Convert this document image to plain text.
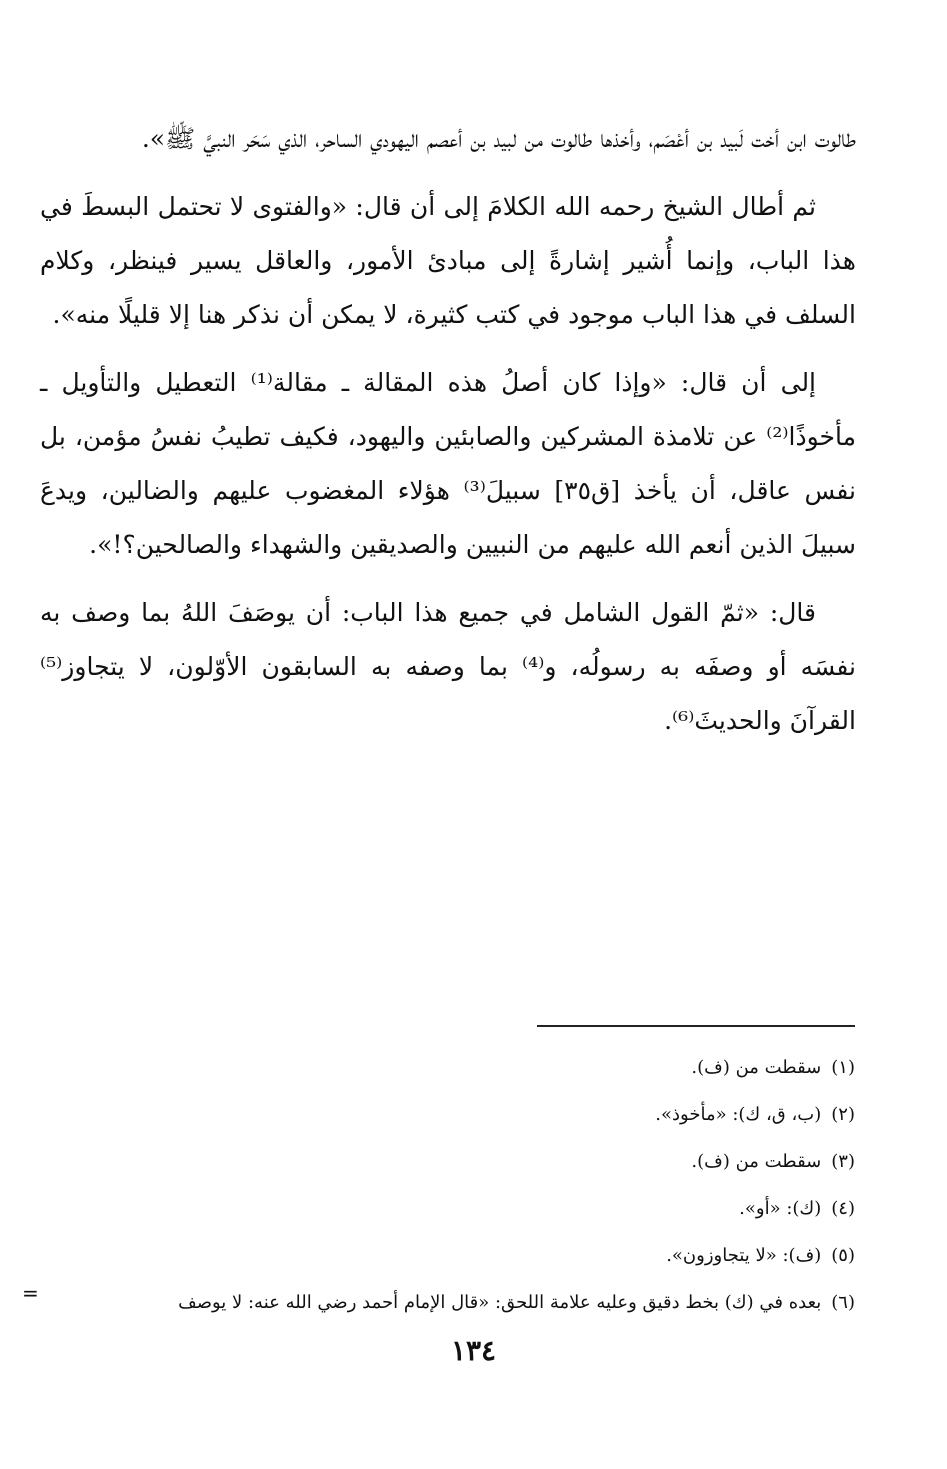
طالوت ابن أخت لَبيد بن أعْصَم، وأخذها طالوت من لبيد بن أعصم اليهودي الساحر، الذي سَحَر النبيَّ ﷺ».

ثم أطال الشيخ رحمه الله الكلامَ إلى أن قال: «والفتوى لا تحتمل البسطَ في هذا الباب، وإنما أُشير إشارةً إلى مبادئ الأمور، والعاقل يسير فينظر، وكلام السلف في هذا الباب موجود في كتب كثيرة، لا يمكن أن نذكر هنا إلا قليلًا منه».

إلى أن قال: «وإذا كان أصلُ هذه المقالة ـ مقالة⁽¹⁾ التعطيل والتأويل ـ مأخوذًا⁽²⁾ عن تلامذة المشركين والصابئين واليهود، فكيف تطيبُ نفسُ مؤمن، بل نفس عاقل، أن يأخذ [ق٣٥] سبيلَ⁽³⁾ هؤلاء المغضوب عليهم والضالين، ويدعَ سبيلَ الذين أنعم الله عليهم من النبيين والصديقين والشهداء والصالحين؟!».

قال: «ثمّ القول الشامل في جميع هذا الباب: أن يوصَفَ اللهُ بما وصف به نفسَه أو وصفَه به رسولُه، و⁽⁴⁾ بما وصفه به السابقون الأوّلون، لا يتجاوز⁽⁵⁾ القرآنَ والحديثَ⁽⁶⁾.

(١)سقطت من (ف).
(٢)(ب، ق، ك): «مأخوذ».
(٣)سقطت من (ف).
(٤)(ك): «أو».
(٥)(ف): «لا يتجاوزون».
(٦)بعده في (ك) بخط دقيق وعليه علامة اللحق: «قال الإمام أحمد رضي الله عنه: لا يوصف
=
١٣٤
